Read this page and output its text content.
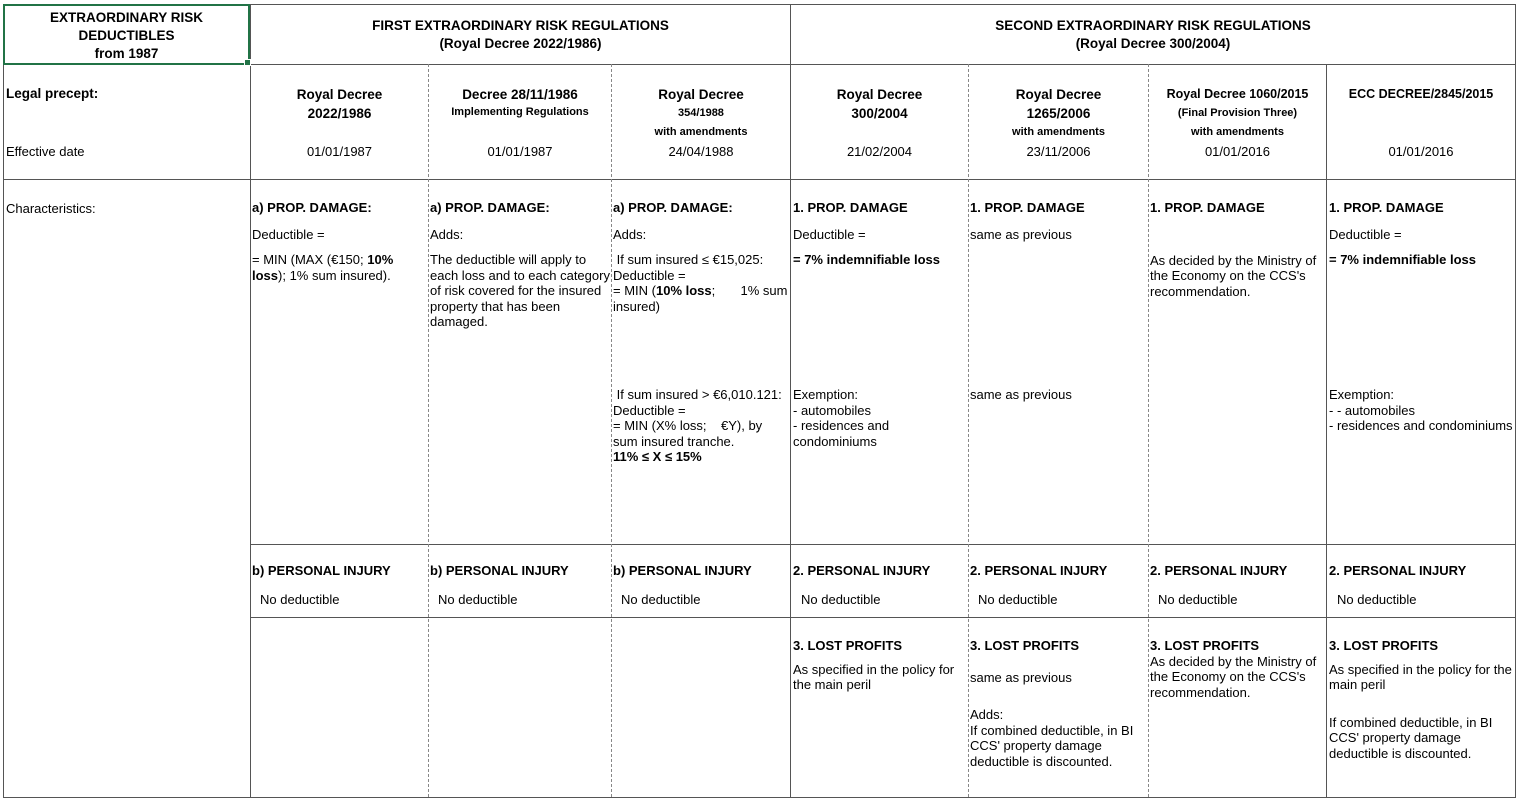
EXTRAORDINARY RISK
DEDUCTIBLES
from 1987
FIRST EXTRAORDINARY RISK REGULATIONS
(Royal Decree 2022/1986)
SECOND EXTRAORDINARY RISK REGULATIONS
(Royal Decree 300/2004)
Legal precept:
Effective date
Characteristics:
Royal Decree
2022/1986
01/01/1987
a) PROP. DAMAGE:
Deductible =
= MIN (MAX (€150; 10%
loss); 1% sum insured).
b) PERSONAL INJURY
No deductible
Decree 28/11/1986
Implementing Regulations
01/01/1987
a) PROP. DAMAGE:
Adds:
The deductible will apply to each loss and to each category of risk covered for the insured property that has been damaged.
b) PERSONAL INJURY
No deductible
Royal Decree
354/1988
with amendments
24/04/1988
a) PROP. DAMAGE:
Adds:
If sum insured ≤ €15,025:
Deductible =
= MIN (10% loss;       1% sum
insured)
If sum insured > €6,010.121:
Deductible =
= MIN (X% loss;    €Y), by
sum insured tranche.
11% ≤ X ≤ 15%
b) PERSONAL INJURY
No deductible
Royal Decree
300/2004
21/02/2004
1. PROP. DAMAGE
Deductible =
= 7% indemnifiable loss
Exemption:
- automobiles
- residences and
condominiums
2. PERSONAL INJURY
No deductible
3. LOST PROFITS
As specified in the policy for the main peril
Royal Decree
1265/2006
with amendments
23/11/2006
1. PROP. DAMAGE
same as previous
same as previous
2. PERSONAL INJURY
No deductible
3. LOST PROFITS
same as previous
Adds:
If combined deductible, in BI CCS' property damage deductible is discounted.
Royal Decree 1060/2015
(Final Provision Three)
with amendments
01/01/2016
1. PROP. DAMAGE
As decided by the Ministry of the Economy on the CCS's recommendation.
2. PERSONAL INJURY
No deductible
3. LOST PROFITS
As decided by the Ministry of the Economy on the CCS's recommendation.
ECC DECREE/2845/2015
01/01/2016
1. PROP. DAMAGE
Deductible =
= 7% indemnifiable loss
Exemption:
- - automobiles
- residences and condominiums
2. PERSONAL INJURY
No deductible
3. LOST PROFITS
As specified in the policy for the main peril
If combined deductible, in BI CCS' property damage deductible is discounted.
